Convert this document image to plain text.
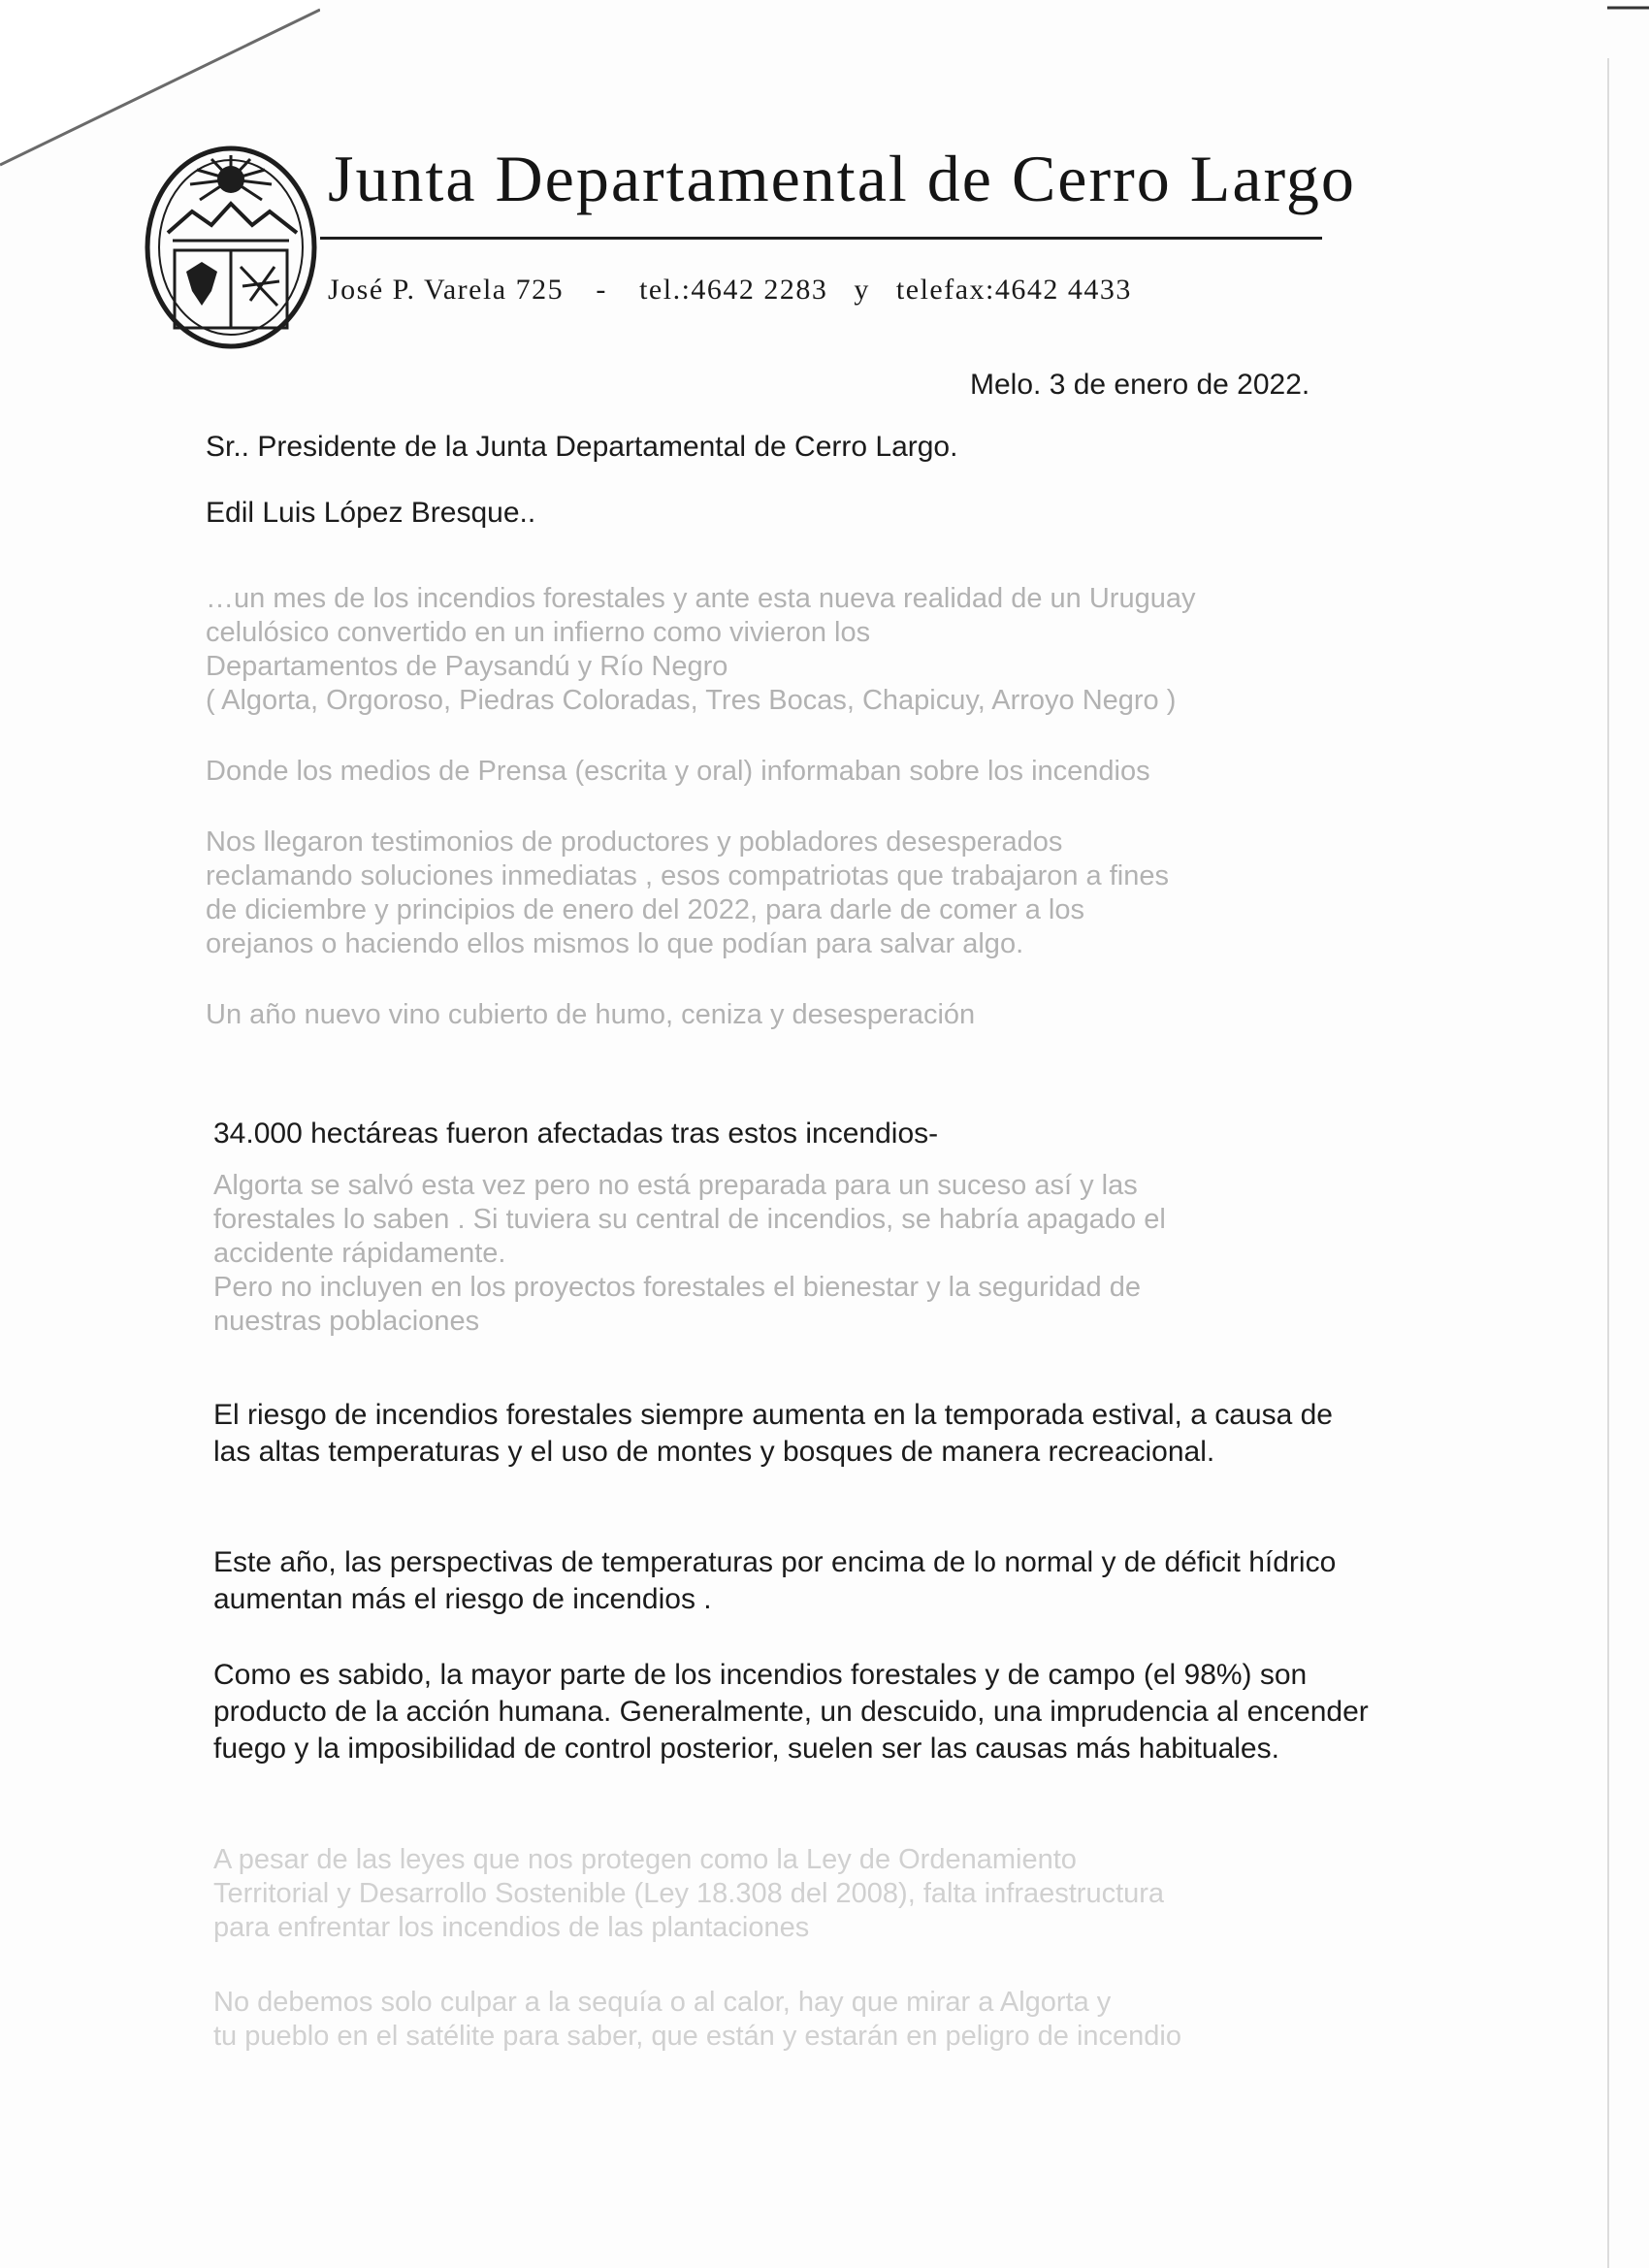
Junta Departamental de Cerro Largo
José P. Varela 725 - tel.:4642 2283 y telefax:4642 4433
Melo. 3 de enero de 2022.
Sr.. Presidente de la Junta Departamental de Cerro Largo.
Edil Luis López Bresque..

…un mes de los incendios forestales y ante esta nueva realidad de un Uruguay

celulósico convertido en un infierno como vivieron los

Departamentos de Paysandú y Río Negro

( Algorta, Orgoroso, Piedras Coloradas, Tres Bocas, Chapicuy, Arroyo Negro )

Donde los medios de Prensa (escrita y oral) informaban sobre los incendios

Nos llegaron testimonios de productores y pobladores desesperados

reclamando soluciones inmediatas , esos compatriotas que trabajaron a fines

de diciembre y principios de enero del 2022, para darle de comer a los

orejanos o haciendo ellos mismos lo que podían para salvar algo.

Un año nuevo vino cubierto de humo, ceniza y desesperación

34.000 hectáreas fueron afectadas tras estos incendios-

Algorta se salvó esta vez pero no está preparada para un suceso así y las

forestales lo saben . Si tuviera su central de incendios, se habría apagado el

accidente rápidamente.

Pero no incluyen en los proyectos forestales el bienestar y la seguridad de

nuestras poblaciones

El riesgo de incendios forestales siempre aumenta en la temporada estival, a causa de las altas temperaturas y el uso de montes y bosques de manera recreacional.

Este año, las perspectivas de temperaturas por encima de lo normal y de déficit hídrico aumentan más el riesgo de incendios .

Como es sabido, la mayor parte de los incendios forestales y de campo (el 98%) son producto de la acción humana. Generalmente, un descuido, una imprudencia al encender fuego y la imposibilidad de control posterior, suelen ser las causas más habituales.

A pesar de las leyes que nos protegen como la Ley de Ordenamiento

Territorial y Desarrollo Sostenible (Ley 18.308 del 2008), falta infraestructura

para enfrentar los incendios de las plantaciones

No debemos solo culpar a la sequía o al calor, hay que mirar a Algorta y

tu pueblo en el satélite para saber, que están y estarán en peligro de incendio
